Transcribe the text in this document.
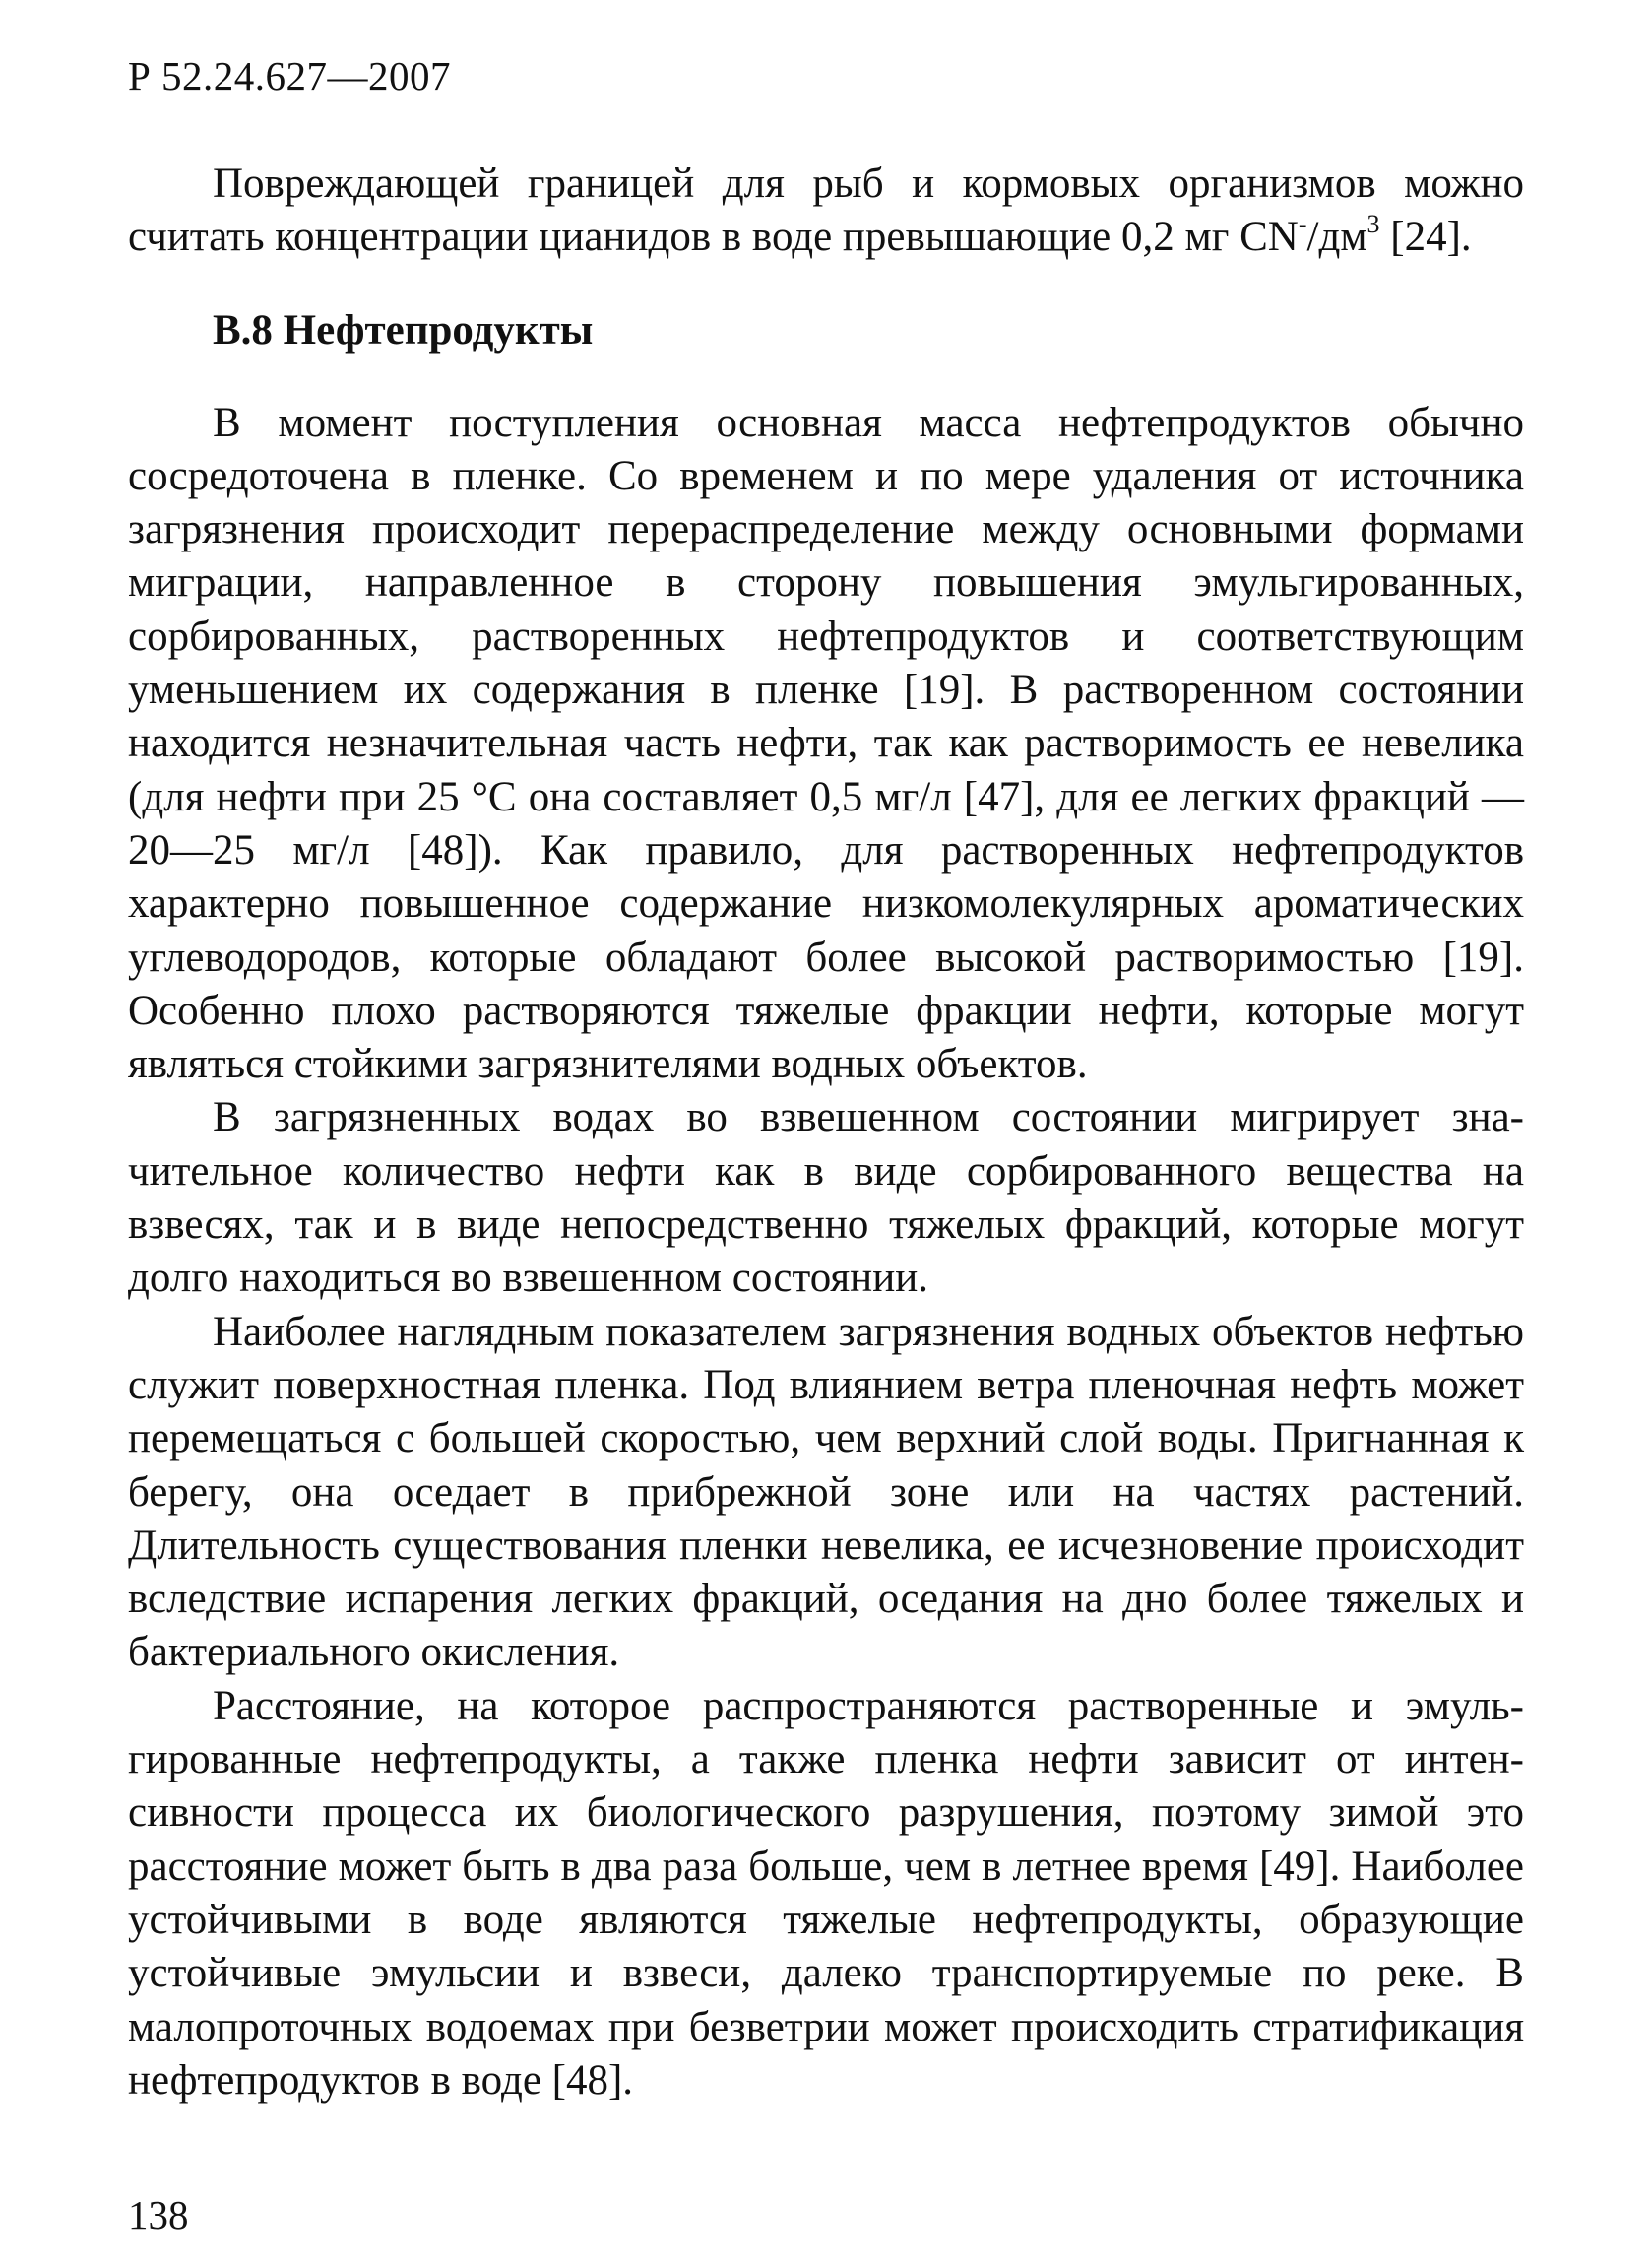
Р 52.24.627—2007

Повреждающей границей для рыб и кормовых организмов можно считать концентрации цианидов в воде превышающие 0,2 мг $CN^-/дм^3$ [24].

В.8 Нефтепродукты

В момент поступления основная масса нефтепродуктов обычно сосредоточена в пленке. Со временем и по мере удаления от источника загрязнения происходит перераспределение между основными формами миграции, направленное в сторону повышения эмульгированных, сорбированных, растворенных нефтепродуктов и соответствующим уменьшением их содержания в пленке [19]. В растворенном состоянии находится незначительная часть нефти, так как растворимость ее невелика (для нефти при 25 °С она составляет 0,5 мг/л [47], для ее легких фракций — 20—25 мг/л [48]). Как правило, для растворенных нефтепродуктов характерно повышенное содержание низкомолекулярных ароматических углеводородов, которые обладают более высокой растворимостью [19]. Особенно плохо растворяются тяжелые фракции нефти, которые могут являться стойкими загрязнителями водных объектов.

В загрязненных водах во взвешенном состоянии мигрирует значительное количество нефти как в виде сорбированного вещества на взвесях, так и в виде непосредственно тяжелых фракций, которые могут долго находиться во взвешенном состоянии.

Наиболее наглядным показателем загрязнения водных объектов нефтью служит поверхностная пленка. Под влиянием ветра пленочная нефть может перемещаться с большей скоростью, чем верхний слой воды. Пригнанная к берегу, она оседает в прибрежной зоне или на частях растений. Длительность существования пленки невелика, ее исчезновение происходит вследствие испарения легких фракций, оседания на дно более тяжелых и бактериального окисления.

Расстояние, на которое распространяются растворенные и эмульгированные нефтепродукты, а также пленка нефти зависит от интенсивности процесса их биологического разрушения, поэтому зимой это расстояние может быть в два раза больше, чем в летнее время [49]. Наиболее устойчивыми в воде являются тяжелые нефтепродукты, образующие устойчивые эмульсии и взвеси, далеко транспортируемые по реке. В малопроточных водоемах при безветрии может происходить стратификация нефтепродуктов в воде [48].

138
